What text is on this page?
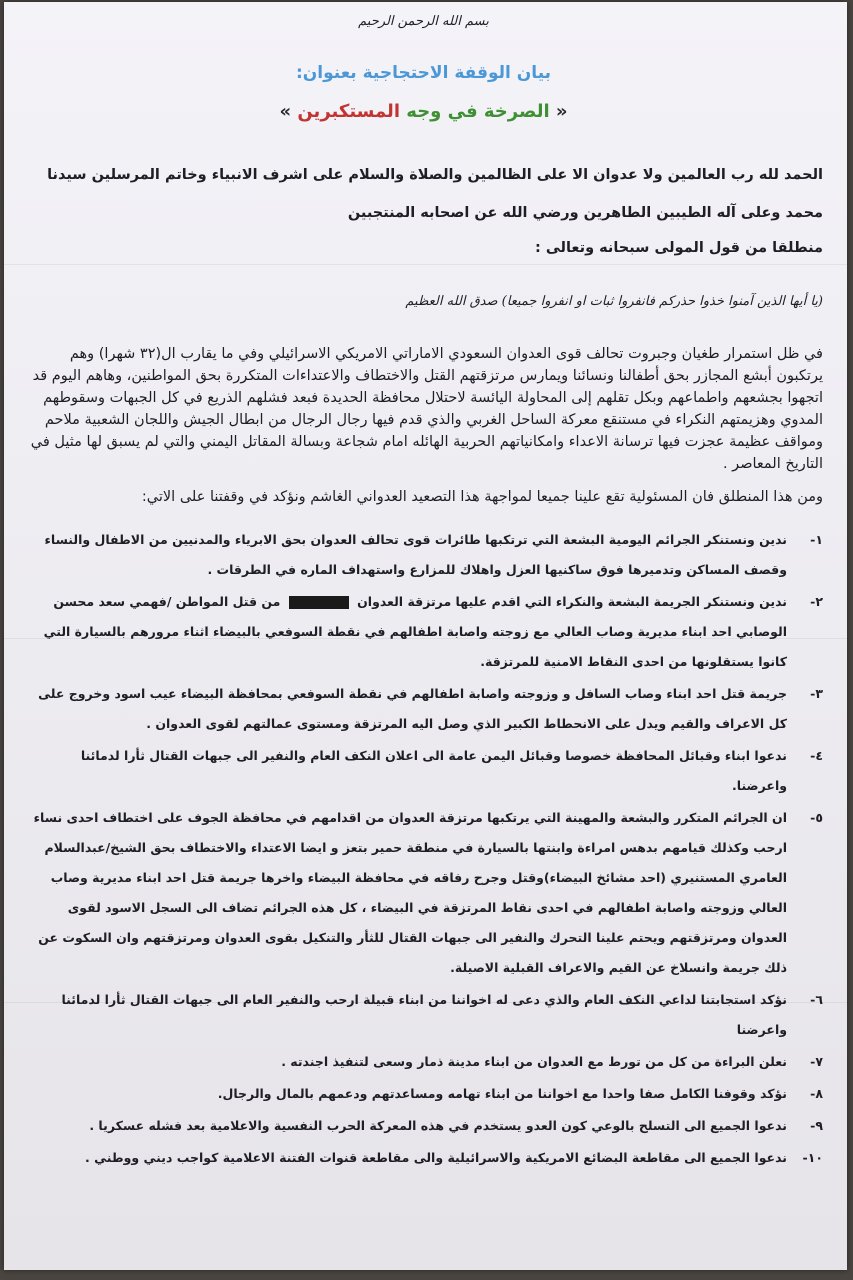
بسم الله الرحمن الرحيم

بيان الوقفة الاحتجاجية بعنوان:

« الصرخة في وجه المستكبرين »

الحمد لله رب العالمين ولا عدوان الا على الظالمين والصلاة والسلام على اشرف الانبياء وخاتم المرسلين سيدنا محمد وعلى آله الطيبين الطاهرين ورضي الله عن اصحابه المنتجبين

منطلقا من قول المولى سبحانه وتعالى :

(يا أيها الذين آمنوا خذوا حذركم فانفروا ثبات او انفروا جميعا) صدق الله العظيم

في ظل استمرار طغيان وجبروت تحالف قوى العدوان السعودي الاماراتي الامريكي الاسرائيلي وفي ما يقارب ال(٣٢ شهرا) وهم يرتكبون أبشع المجازر بحق أطفالنا ونسائنا ويمارس مرتزقتهم القتل والاختطاف والاعتداءات المتكررة بحق المواطنين، وهاهم اليوم قد اتجهوا بجشعهم واطماعهم وبكل تقلهم إلى المحاولة اليائسة لاحتلال محافظة الحديدة فبعد فشلهم الذريع في كل الجبهات وسقوطهم المدوي وهزيمتهم النكراء في مستنقع معركة الساحل الغربي والذي قدم فيها رجال الرجال من ابطال الجيش واللجان الشعبية ملاحم ومواقف عظيمة عجزت فيها ترسانة الاعداء وامكانياتهم الحربية الهائله امام شجاعة وبسالة المقاتل اليمني والتي لم يسبق لها مثيل في التاريخ المعاصر .

ومن هذا المنطلق فان المسئولية تقع علينا جميعا لمواجهة هذا التصعيد العدواني الغاشم ونؤكد في وقفتنا على الاتي:

١-
ندين ونستنكر الجرائم اليومية البشعة التي ترتكبها طائرات قوى تحالف العدوان بحق الابرياء والمدنيين من الاطفال والنساء وقصف المساكن وتدميرها فوق ساكنيها العزل واهلاك للمزارع واستهداف الماره في الطرقات .
٢-
ندين ونستنكر الجريمة البشعة والنكراء التي اقدم عليها مرتزقة العدوان  من قتل المواطن /فهمي سعد محسن الوصابي احد ابناء مديرية وصاب العالي مع زوجته واصابة اطفالهم في نقطة السوفعي بالبيضاء اثناء مرورهم بالسيارة التي كانوا يستقلونها من احدى النقاط الامنية للمرتزقة.
٣-
جريمة قتل احد ابناء وصاب السافل و وزوجته واصابة اطفالهم في نقطة السوفعي بمحافظة البيضاء عيب اسود وخروج على كل الاعراف والقيم ويدل على الانحطاط الكبير الذي وصل اليه المرتزقة ومستوى عمالتهم لقوى العدوان .
٤-
ندعوا ابناء وقبائل المحافظة خصوصا وقبائل اليمن عامة الى اعلان النكف العام والنفير الى جبهات القتال ثأرا لدمائنا واعرضنا.
٥-
ان الجرائم المتكرر والبشعة والمهينة التي يرتكبها مرتزقة العدوان من اقدامهم في محافظة الجوف على اختطاف احدى نساء ارحب وكذلك قيامهم بدهس امراءة وابنتها بالسيارة في منطقة حمير بتعز و ايضا الاعتداء والاختطاف بحق الشيخ/عبدالسلام العامري المستنيري (احد مشائخ البيضاء)وقتل وجرح رفاقه في محافظة البيضاء واخرها جريمة قتل احد ابناء مديرية وصاب العالي وزوجته واصابة اطفالهم في احدى نقاط المرتزقة في البيضاء ، كل هذه الجرائم تضاف الى السجل الاسود لقوى العدوان ومرتزقتهم ويحتم علينا التحرك والنفير الى جبهات القتال للثأر والتنكيل بقوى العدوان ومرتزقتهم وان السكوت عن ذلك جريمة وانسلاخ عن القيم والاعراف القبلية الاصيلة.
٦-
نؤكد استجابتنا لداعي النكف العام والذي دعى له اخواننا من ابناء قبيلة ارحب والنفير العام الى جبهات القتال ثأرا لدمائنا واعرضنا
٧-
نعلن البراءة من كل من تورط مع العدوان من ابناء مدينة ذمار وسعى لتنفيذ اجندته .
٨-
نؤكد وقوفنا الكامل صفا واحدا مع اخواننا من ابناء تهامه ومساعدتهم ودعمهم بالمال والرجال.
٩-
ندعوا الجميع الى التسلح بالوعي كون العدو يستخدم في هذه المعركة الحرب النفسية والاعلامية بعد فشله عسكريا .
١٠-
ندعوا الجميع الى مقاطعة البضائع الامريكية والاسرائيلية والى مقاطعة قنوات الفتنة الاعلامية كواجب ديني ووطني .
